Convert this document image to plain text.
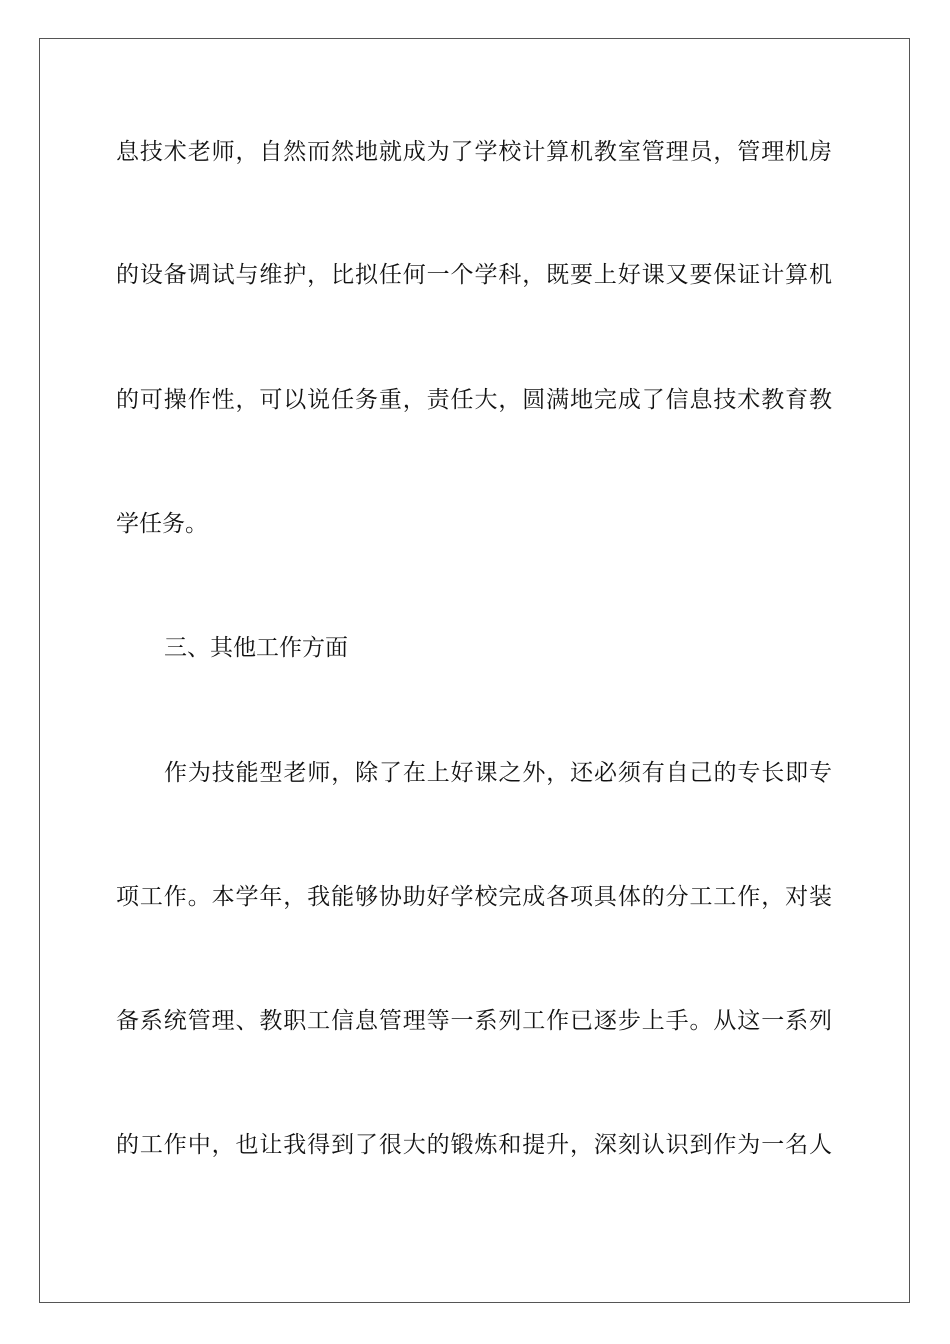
息技术老师，自然而然地就成为了学校计算机教室管理员，管理机房
的设备调试与维护，比拟任何一个学科，既要上好课又要保证计算机
的可操作性，可以说任务重，责任大，圆满地完成了信息技术教育教
学任务。
三、其他工作方面
作为技能型老师，除了在上好课之外，还必须有自己的专长即专
项工作。本学年，我能够协助好学校完成各项具体的分工工作，对装
备系统管理、教职工信息管理等一系列工作已逐步上手。从这一系列
的工作中，也让我得到了很大的锻炼和提升，深刻认识到作为一名人
